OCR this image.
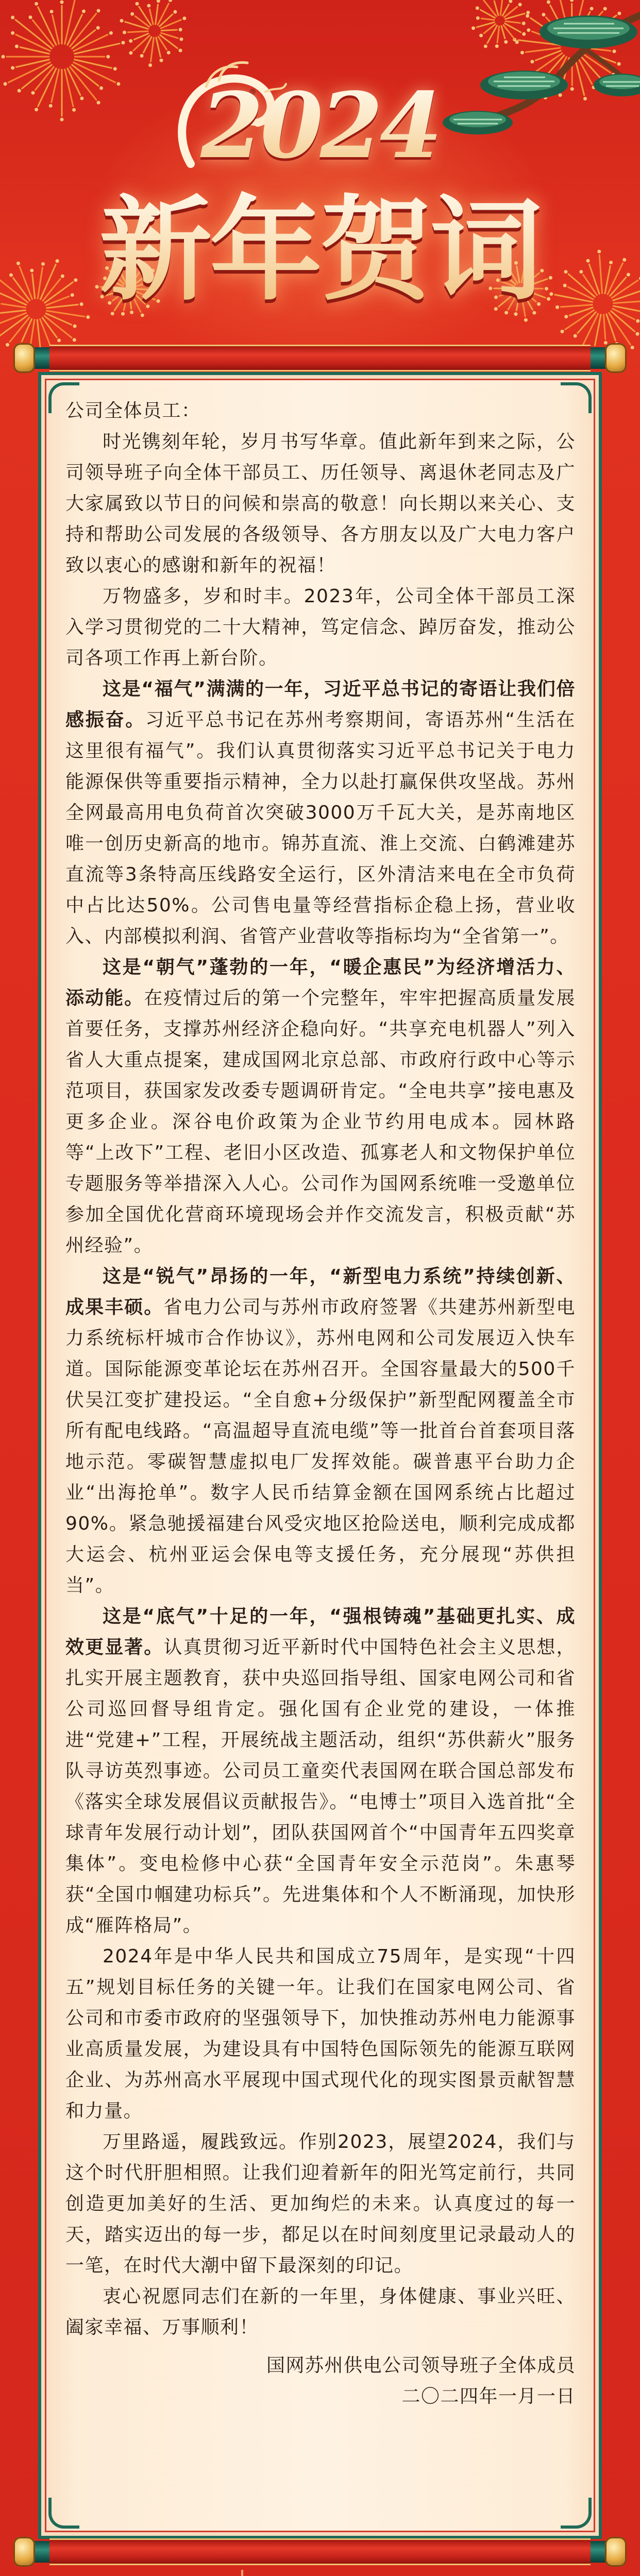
2024
新年贺词

公司全体员工：

时光镌刻年轮，岁月书写华章。值此新年到来之际，公司领导班子向全体干部员工、历任领导、离退休老同志及广大家属致以节日的问候和崇高的敬意！向长期以来关心、支持和帮助公司发展的各级领导、各方朋友以及广大电力客户致以衷心的感谢和新年的祝福！

万物盛多，岁和时丰。2023年，公司全体干部员工深入学习贯彻党的二十大精神，笃定信念、踔厉奋发，推动公司各项工作再上新台阶。

这是“福气”满满的一年，习近平总书记的寄语让我们倍感振奋。习近平总书记在苏州考察期间，寄语苏州“生活在这里很有福气”。我们认真贯彻落实习近平总书记关于电力能源保供等重要指示精神，全力以赴打赢保供攻坚战。苏州全网最高用电负荷首次突破3000万千瓦大关，是苏南地区唯一创历史新高的地市。锦苏直流、淮上交流、白鹤滩建苏直流等3条特高压线路安全运行，区外清洁来电在全市负荷中占比达50%。公司售电量等经营指标企稳上扬，营业收入、内部模拟利润、省管产业营收等指标均为“全省第一”。

这是“朝气”蓬勃的一年，“暖企惠民”为经济增活力、添动能。在疫情过后的第一个完整年，牢牢把握高质量发展首要任务，支撑苏州经济企稳向好。“共享充电机器人”列入省人大重点提案，建成国网北京总部、市政府行政中心等示范项目，获国家发改委专题调研肯定。“全电共享”接电惠及更多企业。深谷电价政策为企业节约用电成本。园林路等“上改下”工程、老旧小区改造、孤寡老人和文物保护单位专题服务等举措深入人心。公司作为国网系统唯一受邀单位参加全国优化营商环境现场会并作交流发言，积极贡献“苏州经验”。

这是“锐气”昂扬的一年，“新型电力系统”持续创新、成果丰硕。省电力公司与苏州市政府签署《共建苏州新型电力系统标杆城市合作协议》，苏州电网和公司发展迈入快车道。国际能源变革论坛在苏州召开。全国容量最大的500千伏吴江变扩建投运。“全自愈+分级保护”新型配网覆盖全市所有配电线路。“高温超导直流电缆”等一批首台首套项目落地示范。零碳智慧虚拟电厂发挥效能。碳普惠平台助力企业“出海抢单”。数字人民币结算金额在国网系统占比超过90%。紧急驰援福建台风受灾地区抢险送电，顺利完成成都大运会、杭州亚运会保电等支援任务，充分展现“苏供担当”。

这是“底气”十足的一年，“强根铸魂”基础更扎实、成效更显著。认真贯彻习近平新时代中国特色社会主义思想，扎实开展主题教育，获中央巡回指导组、国家电网公司和省公司巡回督导组肯定。强化国有企业党的建设，一体推进“党建+”工程，开展统战主题活动，组织“苏供薪火”服务队寻访英烈事迹。公司员工童奕代表国网在联合国总部发布《落实全球发展倡议贡献报告》。“电博士”项目入选首批“全球青年发展行动计划”，团队获国网首个“中国青年五四奖章集体”。变电检修中心获“全国青年安全示范岗”。朱惠琴获“全国巾帼建功标兵”。先进集体和个人不断涌现，加快形成“雁阵格局”。

2024年是中华人民共和国成立75周年，是实现“十四五”规划目标任务的关键一年。让我们在国家电网公司、省公司和市委市政府的坚强领导下，加快推动苏州电力能源事业高质量发展，为建设具有中国特色国际领先的能源互联网企业、为苏州高水平展现中国式现代化的现实图景贡献智慧和力量。

万里路遥，履践致远。作别2023，展望2024，我们与这个时代肝胆相照。让我们迎着新年的阳光笃定前行，共同创造更加美好的生活、更加绚烂的未来。认真度过的每一天，踏实迈出的每一步，都足以在时间刻度里记录最动人的一笔，在时代大潮中留下最深刻的印记。

衷心祝愿同志们在新的一年里，身体健康、事业兴旺、阖家幸福、万事顺利！

国网苏州供电公司领导班子全体成员

二〇二四年一月一日
